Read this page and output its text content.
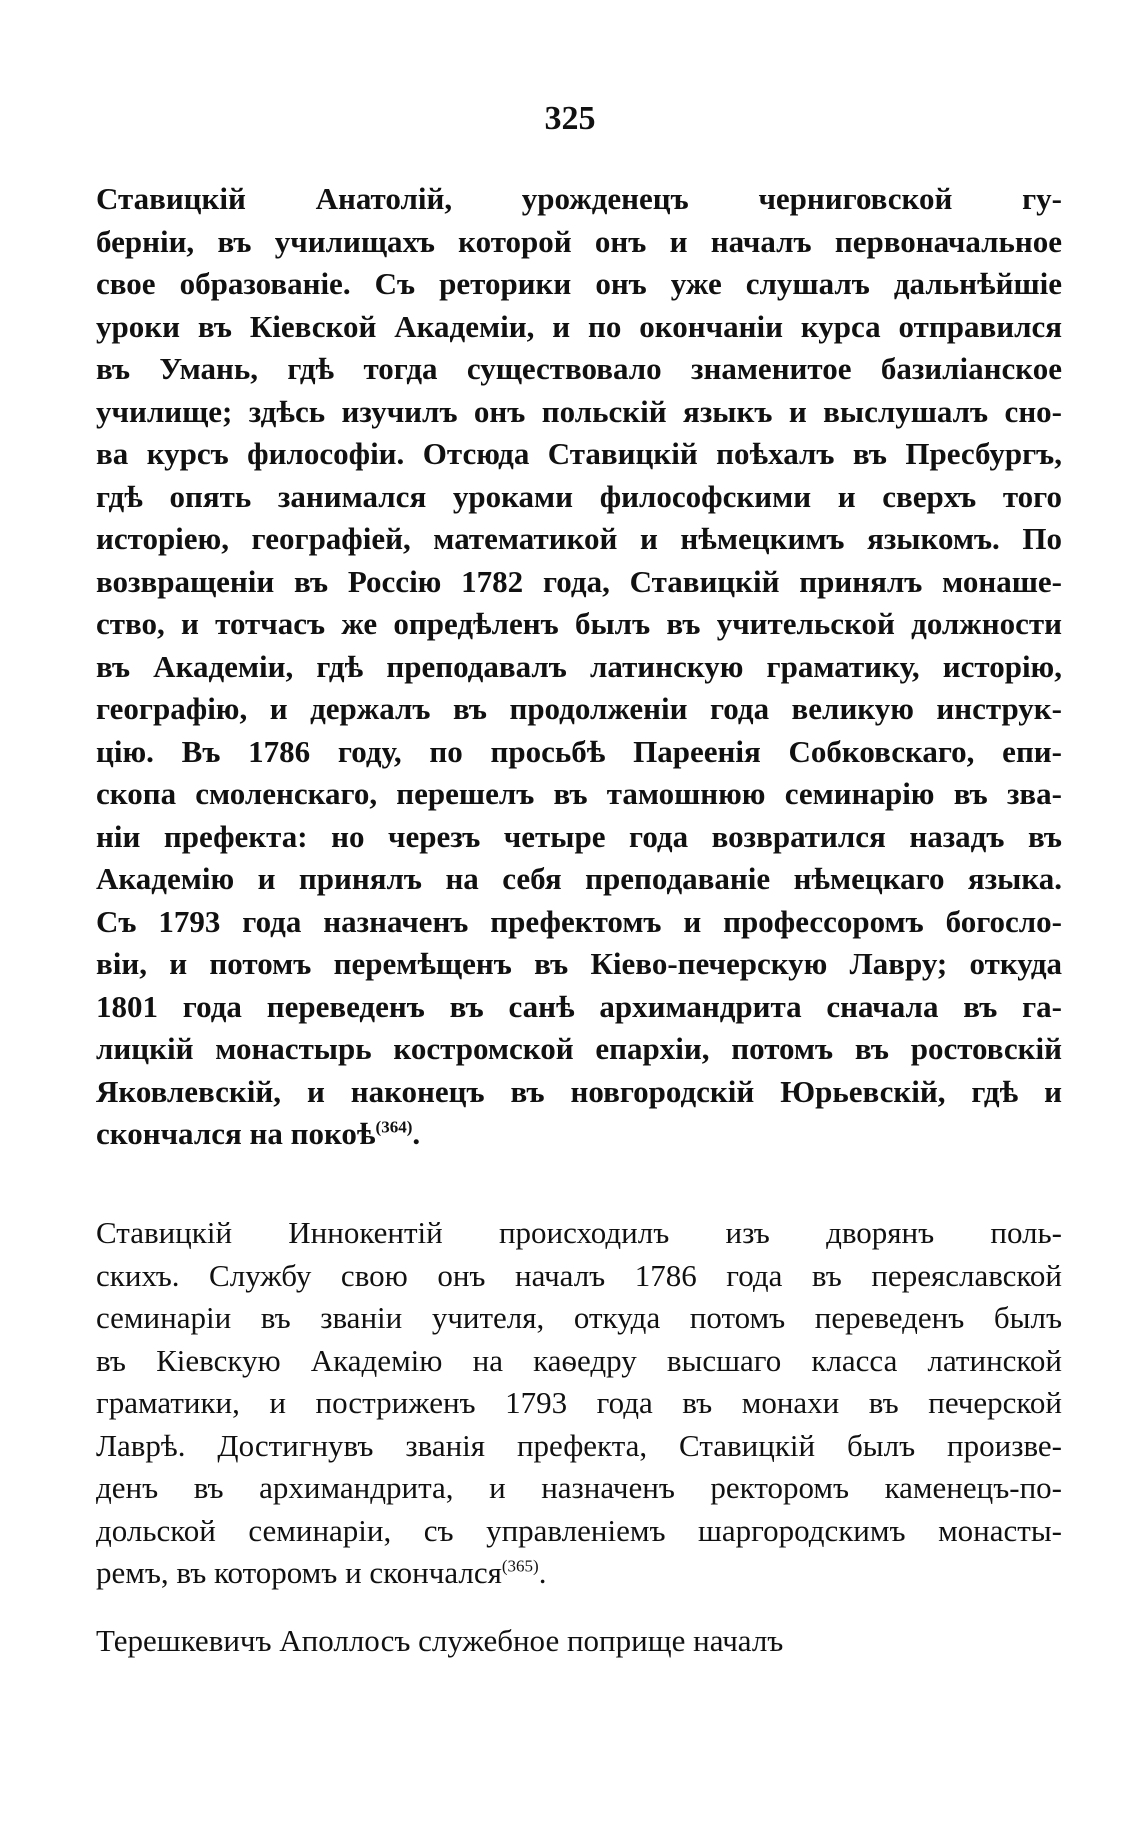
325
Ставицкій Анатолій, урожденецъ черниговской гу-
берніи, въ училищахъ которой онъ и началъ первоначальное
свое образованіе. Съ реторики онъ уже слушалъ дальнѣйшіе
уроки въ Кіевской Академіи, и по окончаніи курса отправился
въ Умань, гдѣ тогда существовало знаменитое базиліанское
училище; здѣсь изучилъ онъ польскій языкъ и выслушалъ сно-
ва курсъ философіи. Отсюда Ставицкій поѣхалъ въ Пресбургъ,
гдѣ опять занимался уроками философскими и сверхъ того
исторіею, географіей, математикой и нѣмецкимъ языкомъ. По
возвращеніи въ Россію 1782 года, Ставицкій принялъ монаше-
ство, и тотчасъ же опредѣленъ былъ въ учительской должности
въ Академіи, гдѣ преподавалъ латинскую граматику, исторію,
географію, и держалъ въ продолженіи года великую инструк-
цію. Въ 1786 году, по просьбѣ Пареенія Собковскаго, епи-
скопа смоленскаго, перешелъ въ тамошнюю семинарію въ зва-
ніи префекта: но черезъ четыре года возвратился назадъ въ
Академію и принялъ на себя преподаваніе нѣмецкаго языка.
Съ 1793 года назначенъ префектомъ и профессоромъ богосло-
віи, и потомъ перемѣщенъ въ Кіево-печерскую Лавру; откуда
1801 года переведенъ въ санѣ архимандрита сначала въ га-
лицкій монастырь костромской епархіи, потомъ въ ростовскій
Яковлевскій, и наконецъ въ новгородскій Юрьевскій, гдѣ и
скончался на покоѣ$^{(364)}$.
Ставицкій Иннокентій происходилъ изъ дворянъ поль-
скихъ. Службу свою онъ началъ 1786 года въ переяславской
семинаріи въ званіи учителя, откуда потомъ переведенъ былъ
въ Кіевскую Академію на каѳедру высшаго класса латинской
граматики, и постриженъ 1793 года въ монахи въ печерской
Лаврѣ. Достигнувъ званія префекта, Ставицкій былъ произве-
денъ въ архимандрита, и назначенъ ректоромъ каменецъ-по-
дольской семинаріи, съ управленіемъ шаргородскимъ монасты-
ремъ, въ которомъ и скончался$^{(365)}$.
Терешкевичъ Аполлосъ служебное поприще началъ
